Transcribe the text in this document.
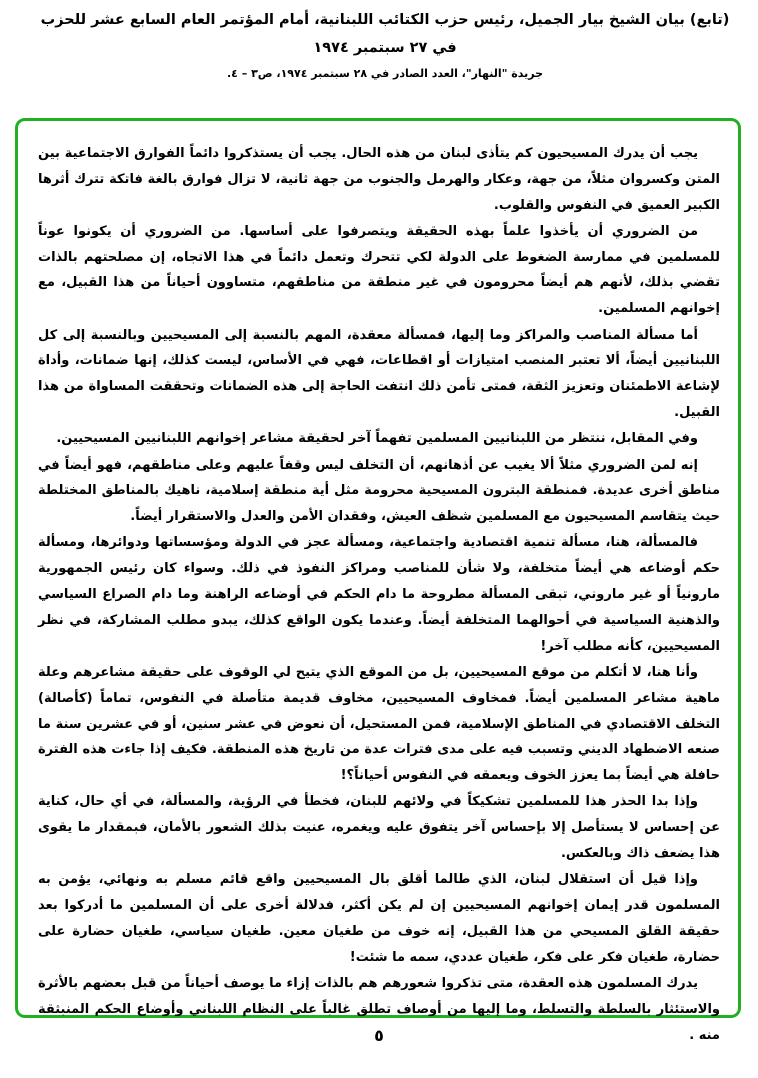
(تابع) بيان الشيخ بيار الجميل، رئيس حزب الكتائب اللبنانية، أمام المؤتمر العام السابع عشر للحزب في ٢٧ سبتمبر ١٩٧٤
جريدة "النهار"، العدد الصادر في ٢٨ سبتمبر ١٩٧٤، ص٣ – ٤.

يجب أن يدرك المسيحيون كم يتأذى لبنان من هذه الحال. يجب أن يستذكروا دائماً الفوارق الاجتماعية بين المتن وكسروان مثلاً، من جهة، وعكار والهرمل والجنوب من جهة ثانية، لا تزال فوارق بالغة فاتكة تترك أثرها الكبير العميق في النفوس والقلوب.

من الضروري أن يأخذوا علماً بهذه الحقيقة ويتصرفوا على أساسها. من الضروري أن يكونوا عوناً للمسلمين في ممارسة الضغوط على الدولة لكي تتحرك وتعمل دائماً في هذا الاتجاه، إن مصلحتهم بالذات تقضي بذلك، لأنهم هم أيضاً محرومون في غير منطقة من مناطقهم، متساوون أحياناً من هذا القبيل، مع إخوانهم المسلمين.

أما مسألة المناصب والمراكز وما إليها، فمسألة معقدة، المهم بالنسبة إلى المسيحيين وبالنسبة إلى كل اللبنانيين أيضاً، ألا تعتبر المنصب امتيازات أو اقطاعات، فهي في الأساس، ليست كذلك، إنها ضمانات، وأداة لإشاعة الاطمئنان وتعزيز الثقة، فمتى تأمن ذلك انتفت الحاجة إلى هذه الضمانات وتحققت المساواة من هذا القبيل.

وفي المقابل، ننتظر من اللبنانيين المسلمين تفهماً آخر لحقيقة مشاعر إخوانهم اللبنانيين المسيحيين.

إنه لمن الضروري مثلاً ألا يغيب عن أذهانهم، أن التخلف ليس وقفاً عليهم وعلى مناطقهم، فهو أيضاً في مناطق أخرى عديدة. فمنطقة البترون المسيحية محرومة مثل أية منطقة إسلامية، ناهيك بالمناطق المختلطة حيث يتقاسم المسيحيون مع المسلمين شظف العيش، وفقدان الأمن والعدل والاستقرار أيضاً.

فالمسألة، هنا، مسألة تنمية اقتصادية واجتماعية، ومسألة عجز في الدولة ومؤسساتها ودوائرها، ومسألة حكم أوضاعه هي أيضاً متخلفة، ولا شأن للمناصب ومراكز النفوذ في ذلك. وسواء كان رئيس الجمهورية مارونياً أو غير ماروني، تبقى المسألة مطروحة ما دام الحكم في أوضاعه الراهنة وما دام الصراع السياسي والذهنية السياسية في أحوالهما المتخلفة أيضاً. وعندما يكون الواقع كذلك، يبدو مطلب المشاركة، في نظر المسيحيين، كأنه مطلب آخر!

وأنا هنا، لا أتكلم من موقع المسيحيين، بل من الموقع الذي يتيح لي الوقوف على حقيقة مشاعرهم وعلة ماهية مشاعر المسلمين أيضاً. فمخاوف المسيحيين، مخاوف قديمة متأصلة في النفوس، تماماً (كأصالة) التخلف الاقتصادي في المناطق الإسلامية، فمن المستحيل، أن نعوض في عشر سنين، أو في عشرين سنة ما صنعه الاضطهاد الديني وتسبب فيه على مدى فترات عدة من تاريخ هذه المنطقة. فكيف إذا جاءت هذه الفترة حافلة هي أيضاً بما يعزز الخوف ويعمقه في النفوس أحياناً؟!

وإذا بدا الحذر هذا للمسلمين تشكيكاً في ولائهم للبنان، فخطأ في الرؤية، والمسألة، في أي حال، كناية عن إحساس لا يستأصل إلا بإحساس آخر يتفوق عليه ويغمره، عنيت بذلك الشعور بالأمان، فبمقدار ما يقوى هذا يضعف ذاك وبالعكس.

وإذا قيل أن استقلال لبنان، الذي طالما أقلق بال المسيحيين واقع قائم مسلم به ونهائي، يؤمن به المسلمون قدر إيمان إخوانهم المسيحيين إن لم يكن أكثر، فدلالة أخرى على أن المسلمين ما أدركوا بعد حقيقة القلق المسيحي من هذا القبيل، إنه خوف من طغيان معين. طغيان سياسي، طغيان حضارة على حضارة، طغيان فكر على فكر، طغيان عددي، سمه ما شئت!

يدرك المسلمون هذه العقدة، متى تذكروا شعورهم هم بالذات إزاء ما يوصف أحياناً من قبل بعضهم بالأثرة والاستئثار بالسلطة والتسلط، وما إليها من أوصاف تطلق غالباً على النظام اللبناني وأوضاع الحكم المنبثقة منه .

٥
